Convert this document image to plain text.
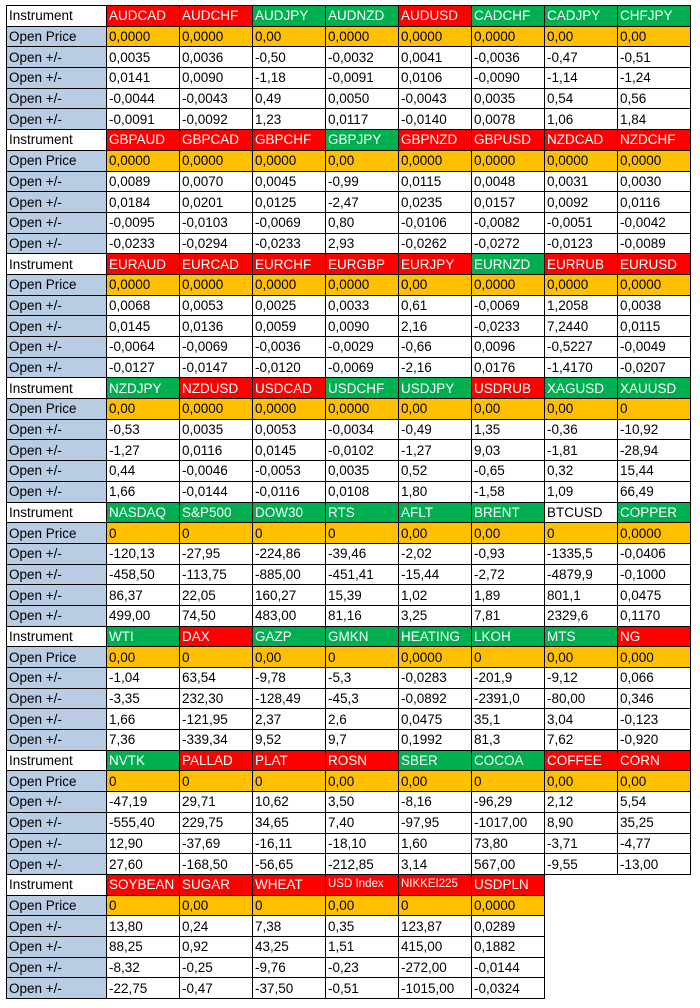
Instrument	AUDCAD	AUDCHF	AUDJPY	AUDNZD	AUDUSD	CADCHF	CADJPY	CHFJPY
Open Price	0,0000	0,0000	0,00	0,0000	0,0000	0,0000	0,00	0,00
Open +/-	0,0035	0,0036	-0,50	-0,0032	0,0041	-0,0036	-0,47	-0,51
Open +/-	0,0141	0,0090	-1,18	-0,0091	0,0106	-0,0090	-1,14	-1,24
Open +/-	-0,0044	-0,0043	0,49	0,0050	-0,0043	0,0035	0,54	0,56
Open +/-	-0,0091	-0,0092	1,23	0,0117	-0,0140	0,0078	1,06	1,84
Instrument	GBPAUD	GBPCAD	GBPCHF	GBPJPY	GBPNZD	GBPUSD	NZDCAD	NZDCHF
Open Price	0,0000	0,0000	0,0000	0,00	0,0000	0,0000	0,0000	0,0000
Open +/-	0,0089	0,0070	0,0045	-0,99	0,0115	0,0048	0,0031	0,0030
Open +/-	0,0184	0,0201	0,0125	-2,47	0,0235	0,0157	0,0092	0,0116
Open +/-	-0,0095	-0,0103	-0,0069	0,80	-0,0106	-0,0082	-0,0051	-0,0042
Open +/-	-0,0233	-0,0294	-0,0233	2,93	-0,0262	-0,0272	-0,0123	-0,0089
Instrument	EURAUD	EURCAD	EURCHF	EURGBP	EURJPY	EURNZD	EURRUB	EURUSD
Open Price	0,0000	0,0000	0,0000	0,0000	0,00	0,0000	0,0000	0,0000
Open +/-	0,0068	0,0053	0,0025	0,0033	0,61	-0,0069	1,2058	0,0038
Open +/-	0,0145	0,0136	0,0059	0,0090	2,16	-0,0233	7,2440	0,0115
Open +/-	-0,0064	-0,0069	-0,0036	-0,0029	-0,66	0,0096	-0,5227	-0,0049
Open +/-	-0,0127	-0,0147	-0,0120	-0,0069	-2,16	0,0176	-1,4170	-0,0207
Instrument	NZDJPY	NZDUSD	USDCAD	USDCHF	USDJPY	USDRUB	XAGUSD	XAUUSD
Open Price	0,00	0,0000	0,0000	0,0000	0,00	0,00	0,00	0
Open +/-	-0,53	0,0035	0,0053	-0,0034	-0,49	1,35	-0,36	-10,92
Open +/-	-1,27	0,0116	0,0145	-0,0102	-1,27	9,03	-1,81	-28,94
Open +/-	0,44	-0,0046	-0,0053	0,0035	0,52	-0,65	0,32	15,44
Open +/-	1,66	-0,0144	-0,0116	0,0108	1,80	-1,58	1,09	66,49
Instrument	NASDAQ	S&P500	DOW30	RTS	AFLT	BRENT	BTCUSD	COPPER
Open Price	0	0	0	0	0,00	0,00	0	0,0000
Open +/-	-120,13	-27,95	-224,86	-39,46	-2,02	-0,93	-1335,5	-0,0406
Open +/-	-458,50	-113,75	-885,00	-451,41	-15,44	-2,72	-4879,9	-0,1000
Open +/-	86,37	22,05	160,27	15,39	1,02	1,89	801,1	0,0475
Open +/-	499,00	74,50	483,00	81,16	3,25	7,81	2329,6	0,1170
Instrument	WTI	DAX	GAZP	GMKN	HEATING	LKOH	MTS	NG
Open Price	0,00	0	0,00	0	0,0000	0	0,00	0,000
Open +/-	-1,04	63,54	-9,78	-5,3	-0,0283	-201,9	-9,12	0,066
Open +/-	-3,35	232,30	-128,49	-45,3	-0,0892	-2391,0	-80,00	0,346
Open +/-	1,66	-121,95	2,37	2,6	0,0475	35,1	3,04	-0,123
Open +/-	7,36	-339,34	9,52	9,7	0,1992	81,3	7,62	-0,920
Instrument	NVTK	PALLAD	PLAT	ROSN	SBER	COCOA	COFFEE	CORN
Open Price	0	0	0	0,00	0,00	0	0,00	0,00
Open +/-	-47,19	29,71	10,62	3,50	-8,16	-96,29	2,12	5,54
Open +/-	-555,40	229,75	34,65	7,40	-97,95	-1017,00	8,90	35,25
Open +/-	12,90	-37,69	-16,11	-18,10	1,60	73,80	-3,71	-4,77
Open +/-	27,60	-168,50	-56,65	-212,85	3,14	567,00	-9,55	-13,00
Instrument	SOYBEAN	SUGAR	WHEAT	USD Index	NIKKEI225	USDPLN		
Open Price	0	0,00	0	0,00	0	0,0000		
Open +/-	13,80	0,24	7,38	0,35	123,87	0,0289		
Open +/-	88,25	0,92	43,25	1,51	415,00	0,1882		
Open +/-	-8,32	-0,25	-9,76	-0,23	-272,00	-0,0144		
Open +/-	-22,75	-0,47	-37,50	-0,51	-1015,00	-0,0324		
